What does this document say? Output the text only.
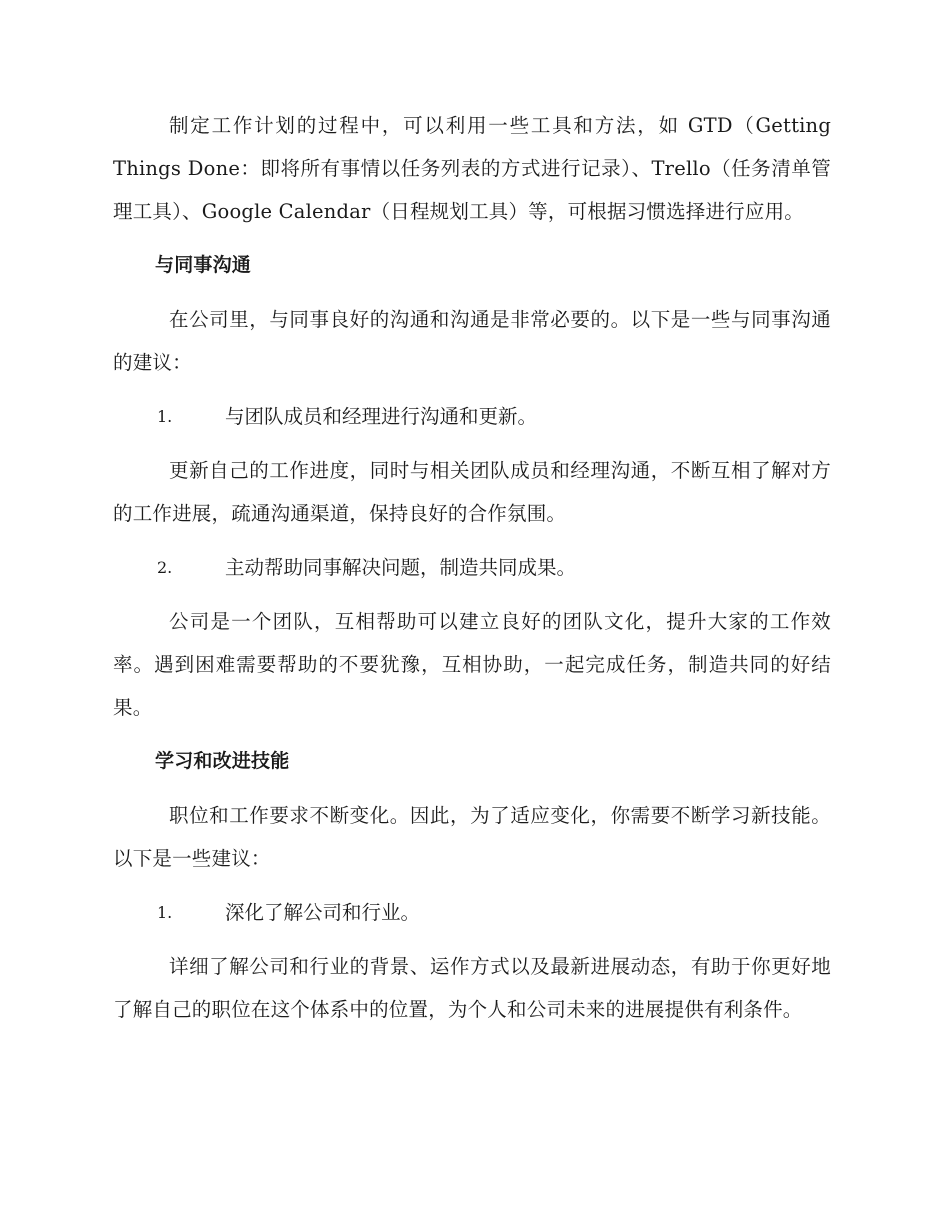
制定工作计划的过程中，可以利用一些工具和方法，如 GTD（Getting Things Done：即将所有事情以任务列表的方式进行记录）、Trello（任务清单管理工具）、Google Calendar（日程规划工具）等，可根据习惯选择进行应用。

与同事沟通

在公司里，与同事良好的沟通和沟通是非常必要的。以下是一些与同事沟通的建议：

1.	与团队成员和经理进行沟通和更新。

更新自己的工作进度，同时与相关团队成员和经理沟通，不断互相了解对方的工作进展，疏通沟通渠道，保持良好的合作氛围。

2.	主动帮助同事解决问题，制造共同成果。

公司是一个团队，互相帮助可以建立良好的团队文化，提升大家的工作效率。遇到困难需要帮助的不要犹豫，互相协助，一起完成任务，制造共同的好结果。

学习和改进技能

职位和工作要求不断变化。因此，为了适应变化，你需要不断学习新技能。以下是一些建议：

1.	深化了解公司和行业。

详细了解公司和行业的背景、运作方式以及最新进展动态，有助于你更好地了解自己的职位在这个体系中的位置，为个人和公司未来的进展提供有利条件。
